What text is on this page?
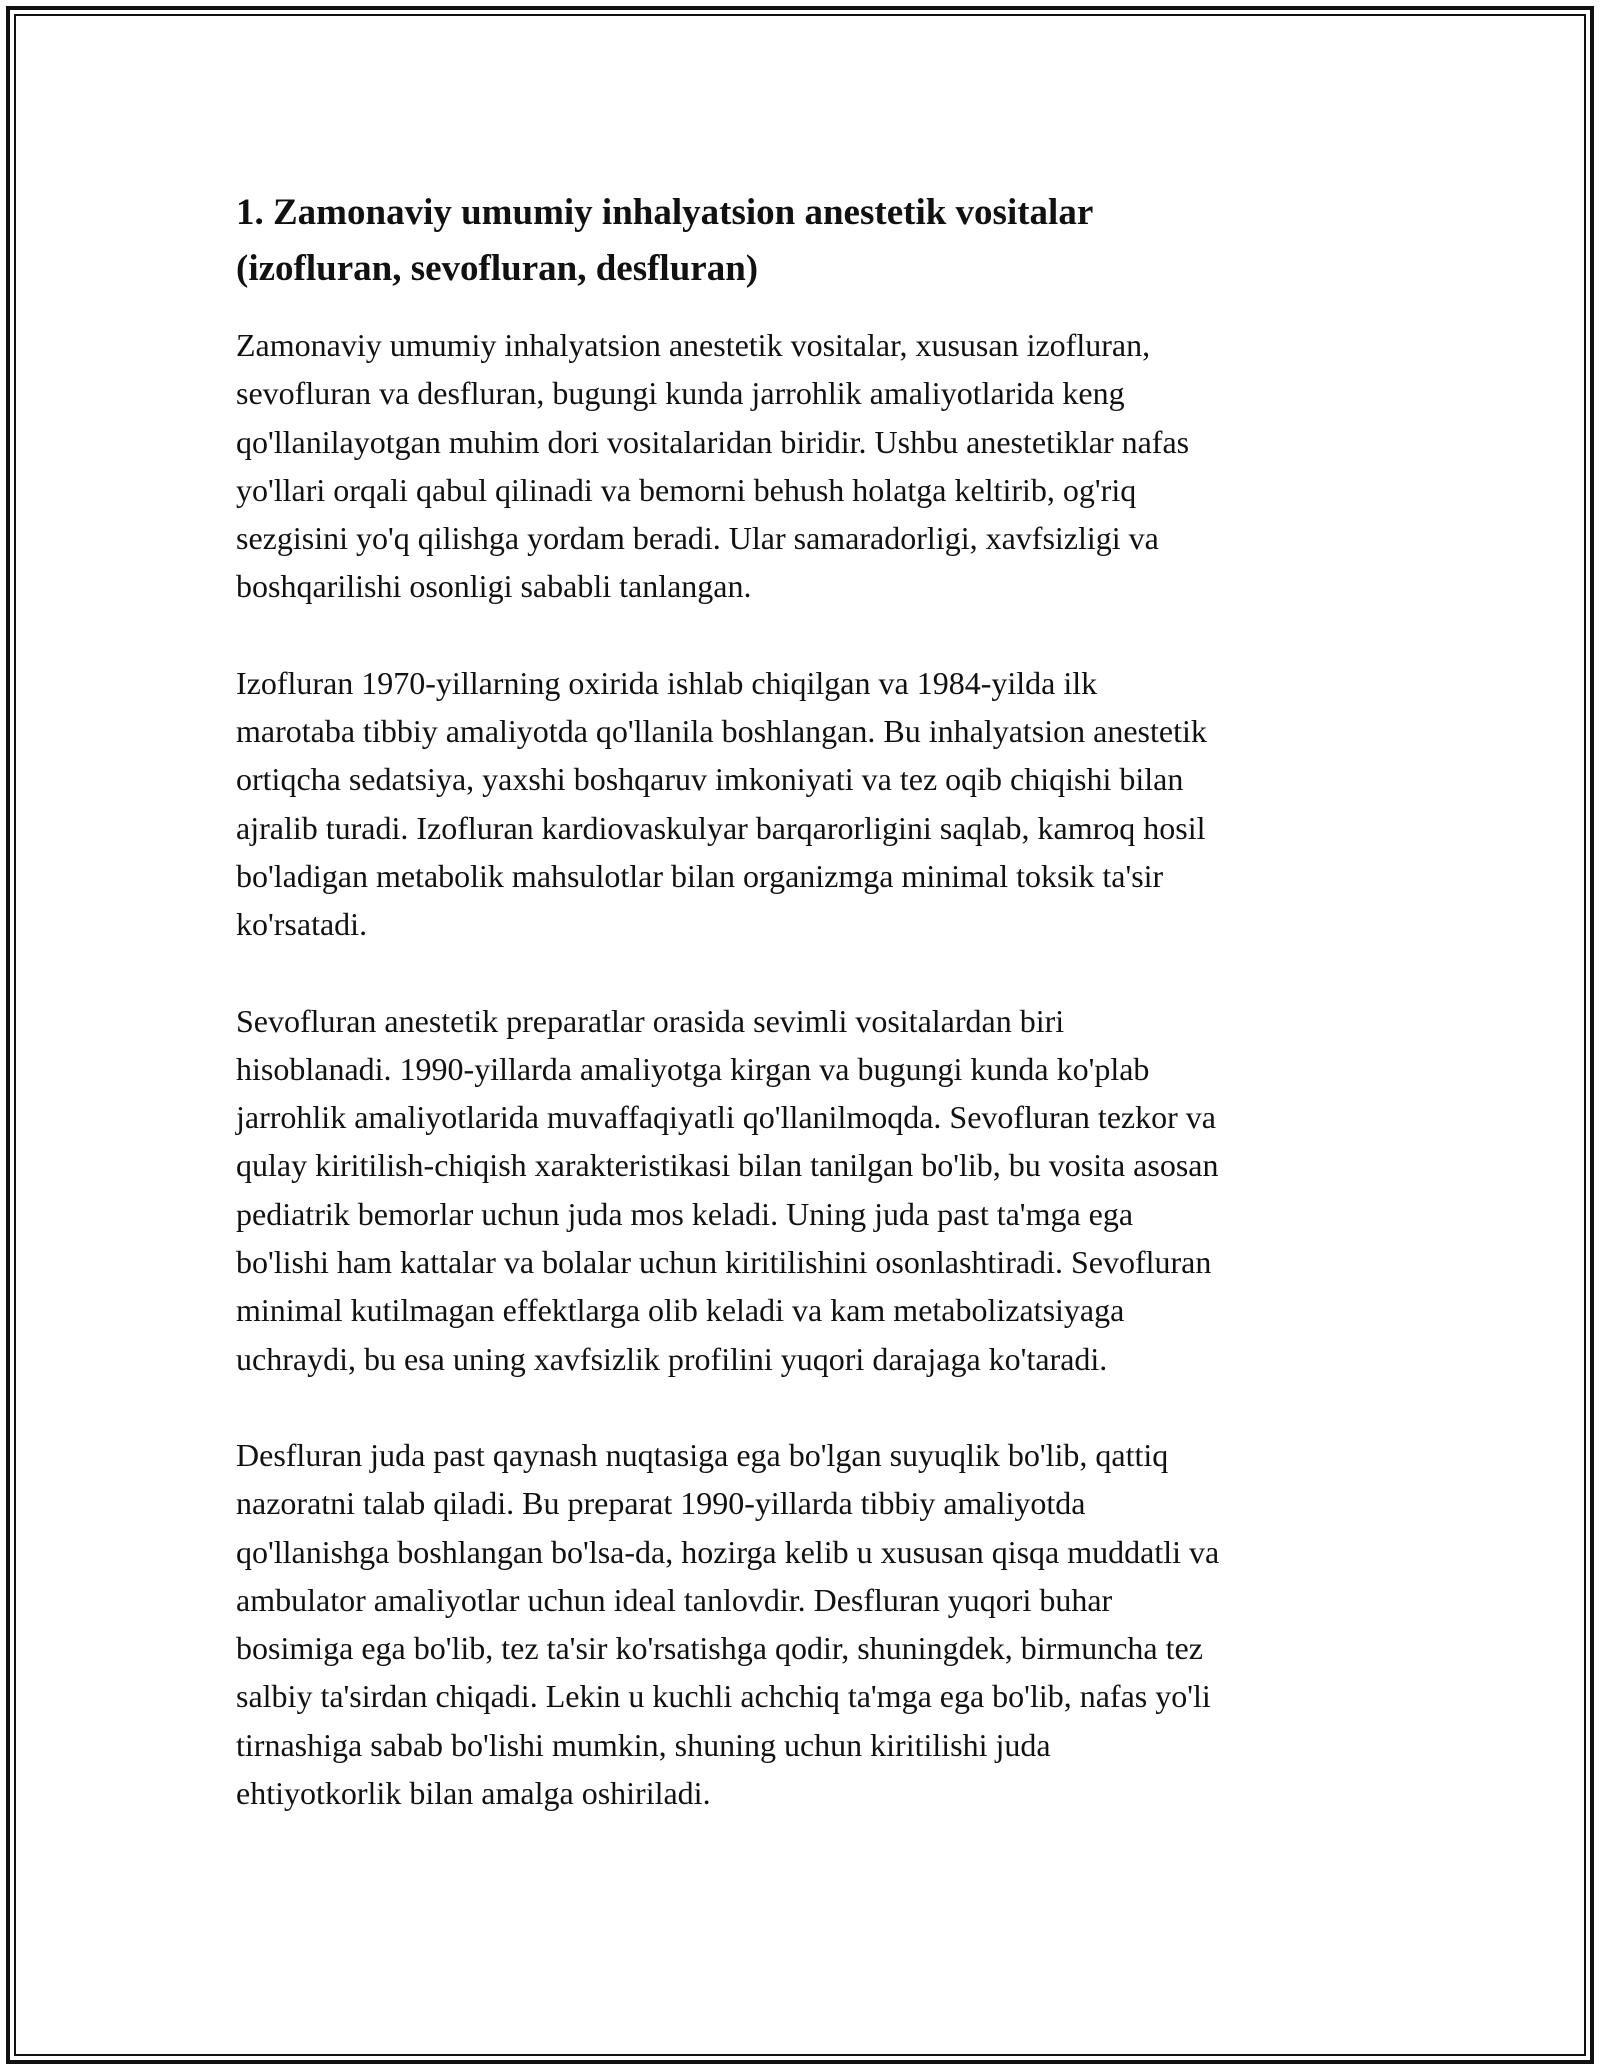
1. Zamonaviy umumiy inhalyatsion anestetik vositalar
(izofluran, sevofluran, desfluran)

Zamonaviy umumiy inhalyatsion anestetik vositalar, xususan izofluran,
sevofluran va desfluran, bugungi kunda jarrohlik amaliyotlarida keng
qo'llanilayotgan muhim dori vositalaridan biridir. Ushbu anestetiklar nafas
yo'llari orqali qabul qilinadi va bemorni behush holatga keltirib, og'riq
sezgisini yo'q qilishga yordam beradi. Ular samaradorligi, xavfsizligi va
boshqarilishi osonligi sababli tanlangan.

Izofluran 1970-yillarning oxirida ishlab chiqilgan va 1984-yilda ilk
marotaba tibbiy amaliyotda qo'llanila boshlangan. Bu inhalyatsion anestetik
ortiqcha sedatsiya, yaxshi boshqaruv imkoniyati va tez oqib chiqishi bilan
ajralib turadi. Izofluran kardiovaskulyar barqarorligini saqlab, kamroq hosil
bo'ladigan metabolik mahsulotlar bilan organizmga minimal toksik ta'sir
ko'rsatadi.

Sevofluran anestetik preparatlar orasida sevimli vositalardan biri
hisoblanadi. 1990-yillarda amaliyotga kirgan va bugungi kunda ko'plab
jarrohlik amaliyotlarida muvaffaqiyatli qo'llanilmoqda. Sevofluran tezkor va
qulay kiritilish-chiqish xarakteristikasi bilan tanilgan bo'lib, bu vosita asosan
pediatrik bemorlar uchun juda mos keladi. Uning juda past ta'mga ega
bo'lishi ham kattalar va bolalar uchun kiritilishini osonlashtiradi. Sevofluran
minimal kutilmagan effektlarga olib keladi va kam metabolizatsiyaga
uchraydi, bu esa uning xavfsizlik profilini yuqori darajaga ko'taradi.

Desfluran juda past qaynash nuqtasiga ega bo'lgan suyuqlik bo'lib, qattiq
nazoratni talab qiladi. Bu preparat 1990-yillarda tibbiy amaliyotda
qo'llanishga boshlangan bo'lsa-da, hozirga kelib u xususan qisqa muddatli va
ambulator amaliyotlar uchun ideal tanlovdir. Desfluran yuqori buhar
bosimiga ega bo'lib, tez ta'sir ko'rsatishga qodir, shuningdek, birmuncha tez
salbiy ta'sirdan chiqadi. Lekin u kuchli achchiq ta'mga ega bo'lib, nafas yo'li
tirnashiga sabab bo'lishi mumkin, shuning uchun kiritilishi juda
ehtiyotkorlik bilan amalga oshiriladi.
